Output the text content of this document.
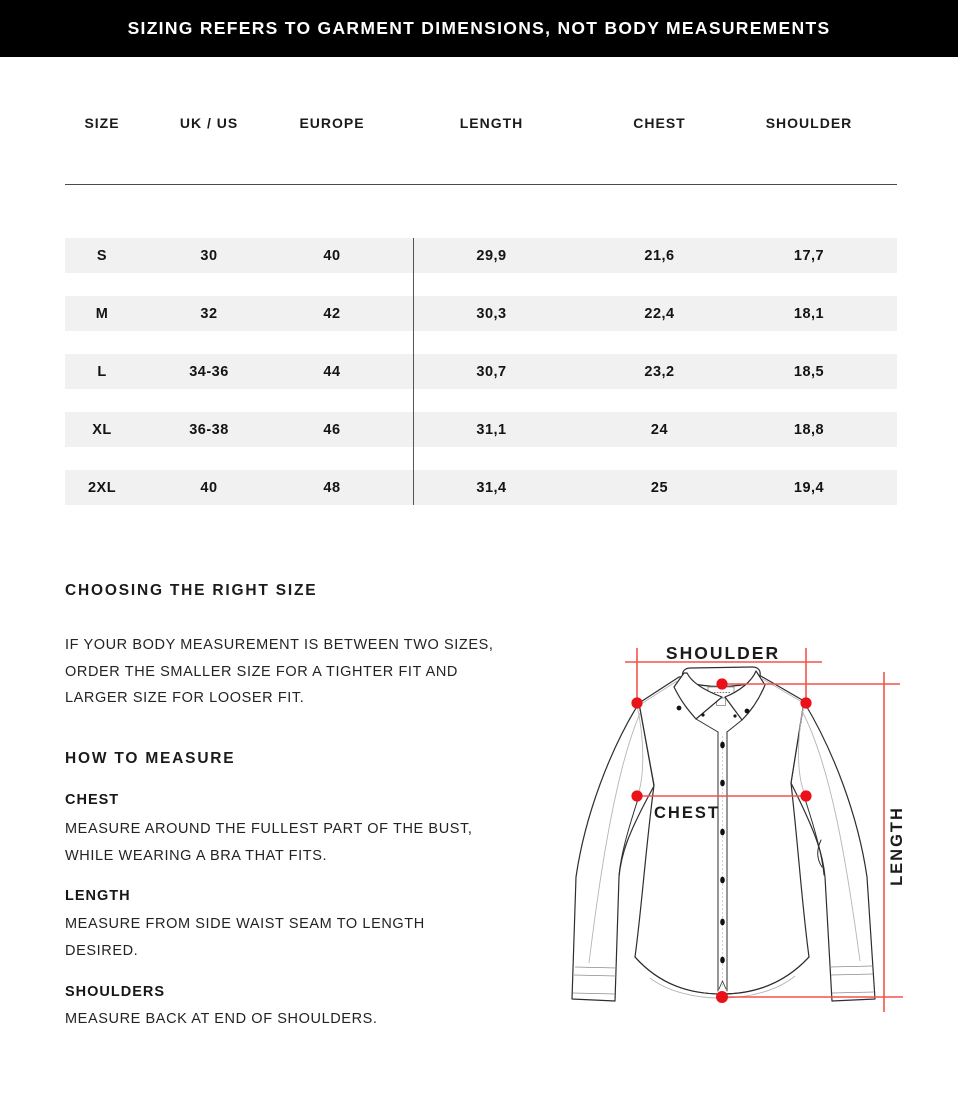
SIZING REFERS TO GARMENT DIMENSIONS, NOT BODY MEASUREMENTS
SIZE	UK / US	EUROPE	LENGTH	CHEST	SHOULDER
S	30	40	29,9	21,6	17,7
M	32	42	30,3	22,4	18,1
L	34-36	44	30,7	23,2	18,5
XL	36-38	46	31,1	24	18,8
2XL	40	48	31,4	25	19,4
CHOOSING THE RIGHT SIZE
IF YOUR BODY MEASUREMENT IS BETWEEN TWO SIZES,
ORDER THE SMALLER SIZE FOR A TIGHTER FIT AND
LARGER SIZE FOR LOOSER FIT.
HOW TO MEASURE
CHEST
MEASURE AROUND THE FULLEST PART OF THE BUST,
WHILE WEARING A BRA THAT FITS.
LENGTH
MEASURE FROM SIDE WAIST SEAM TO LENGTH
DESIRED.
SHOULDERS
MEASURE BACK AT END OF SHOULDERS.
SHOULDER
CHEST	LENGTH
